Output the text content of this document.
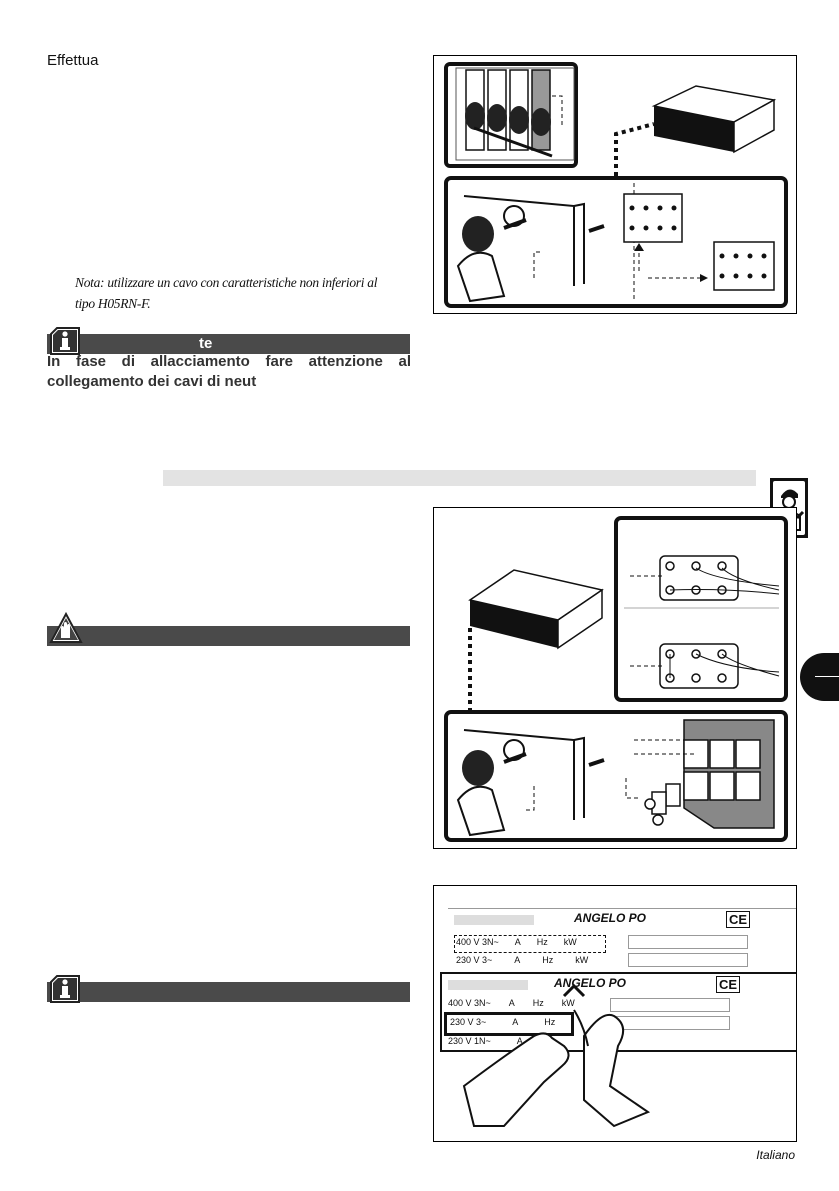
Effettua
Nota: utilizzare un cavo con caratteristiche non inferiori al
tipo H05RN-F.
te
In fase di allacciamento fare attenzione al
collegamento dei cavi di neut
ANGELO PO	CE
400 V 3N~ A Hz kW
230 V 3~ A Hz kW
ANGELO PO	CE
400 V 3N~ A Hz kW
230 V 3~	A	Hz
230 V 1N~	A
Italiano
